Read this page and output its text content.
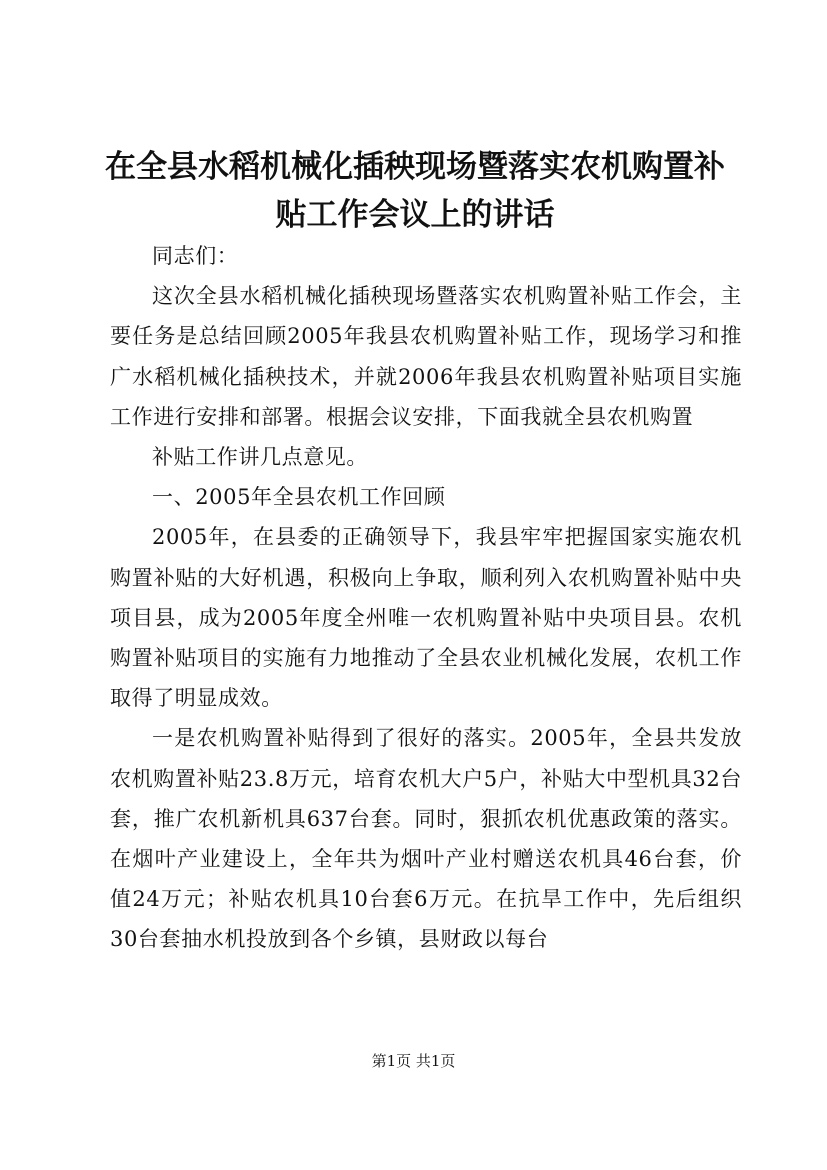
在全县水稻机械化插秧现场暨落实农机购置补贴工作会议上的讲话

同志们：

这次全县水稻机械化插秧现场暨落实农机购置补贴工作会，主要任务是总结回顾2005年我县农机购置补贴工作，现场学习和推广水稻机械化插秧技术，并就2006年我县农机购置补贴项目实施工作进行安排和部署。根据会议安排，下面我就全县农机购置

补贴工作讲几点意见。

一、2005年全县农机工作回顾

2005年，在县委的正确领导下，我县牢牢把握国家实施农机购置补贴的大好机遇，积极向上争取，顺利列入农机购置补贴中央项目县，成为2005年度全州唯一农机购置补贴中央项目县。农机购置补贴项目的实施有力地推动了全县农业机械化发展，农机工作取得了明显成效。

一是农机购置补贴得到了很好的落实。2005年，全县共发放农机购置补贴23.8万元，培育农机大户5户，补贴大中型机具32台套，推广农机新机具637台套。同时，狠抓农机优惠政策的落实。在烟叶产业建设上，全年共为烟叶产业村赠送农机具46台套，价值24万元；补贴农机具10台套6万元。在抗旱工作中，先后组织30台套抽水机投放到各个乡镇，县财政以每台

第1页 共1页
